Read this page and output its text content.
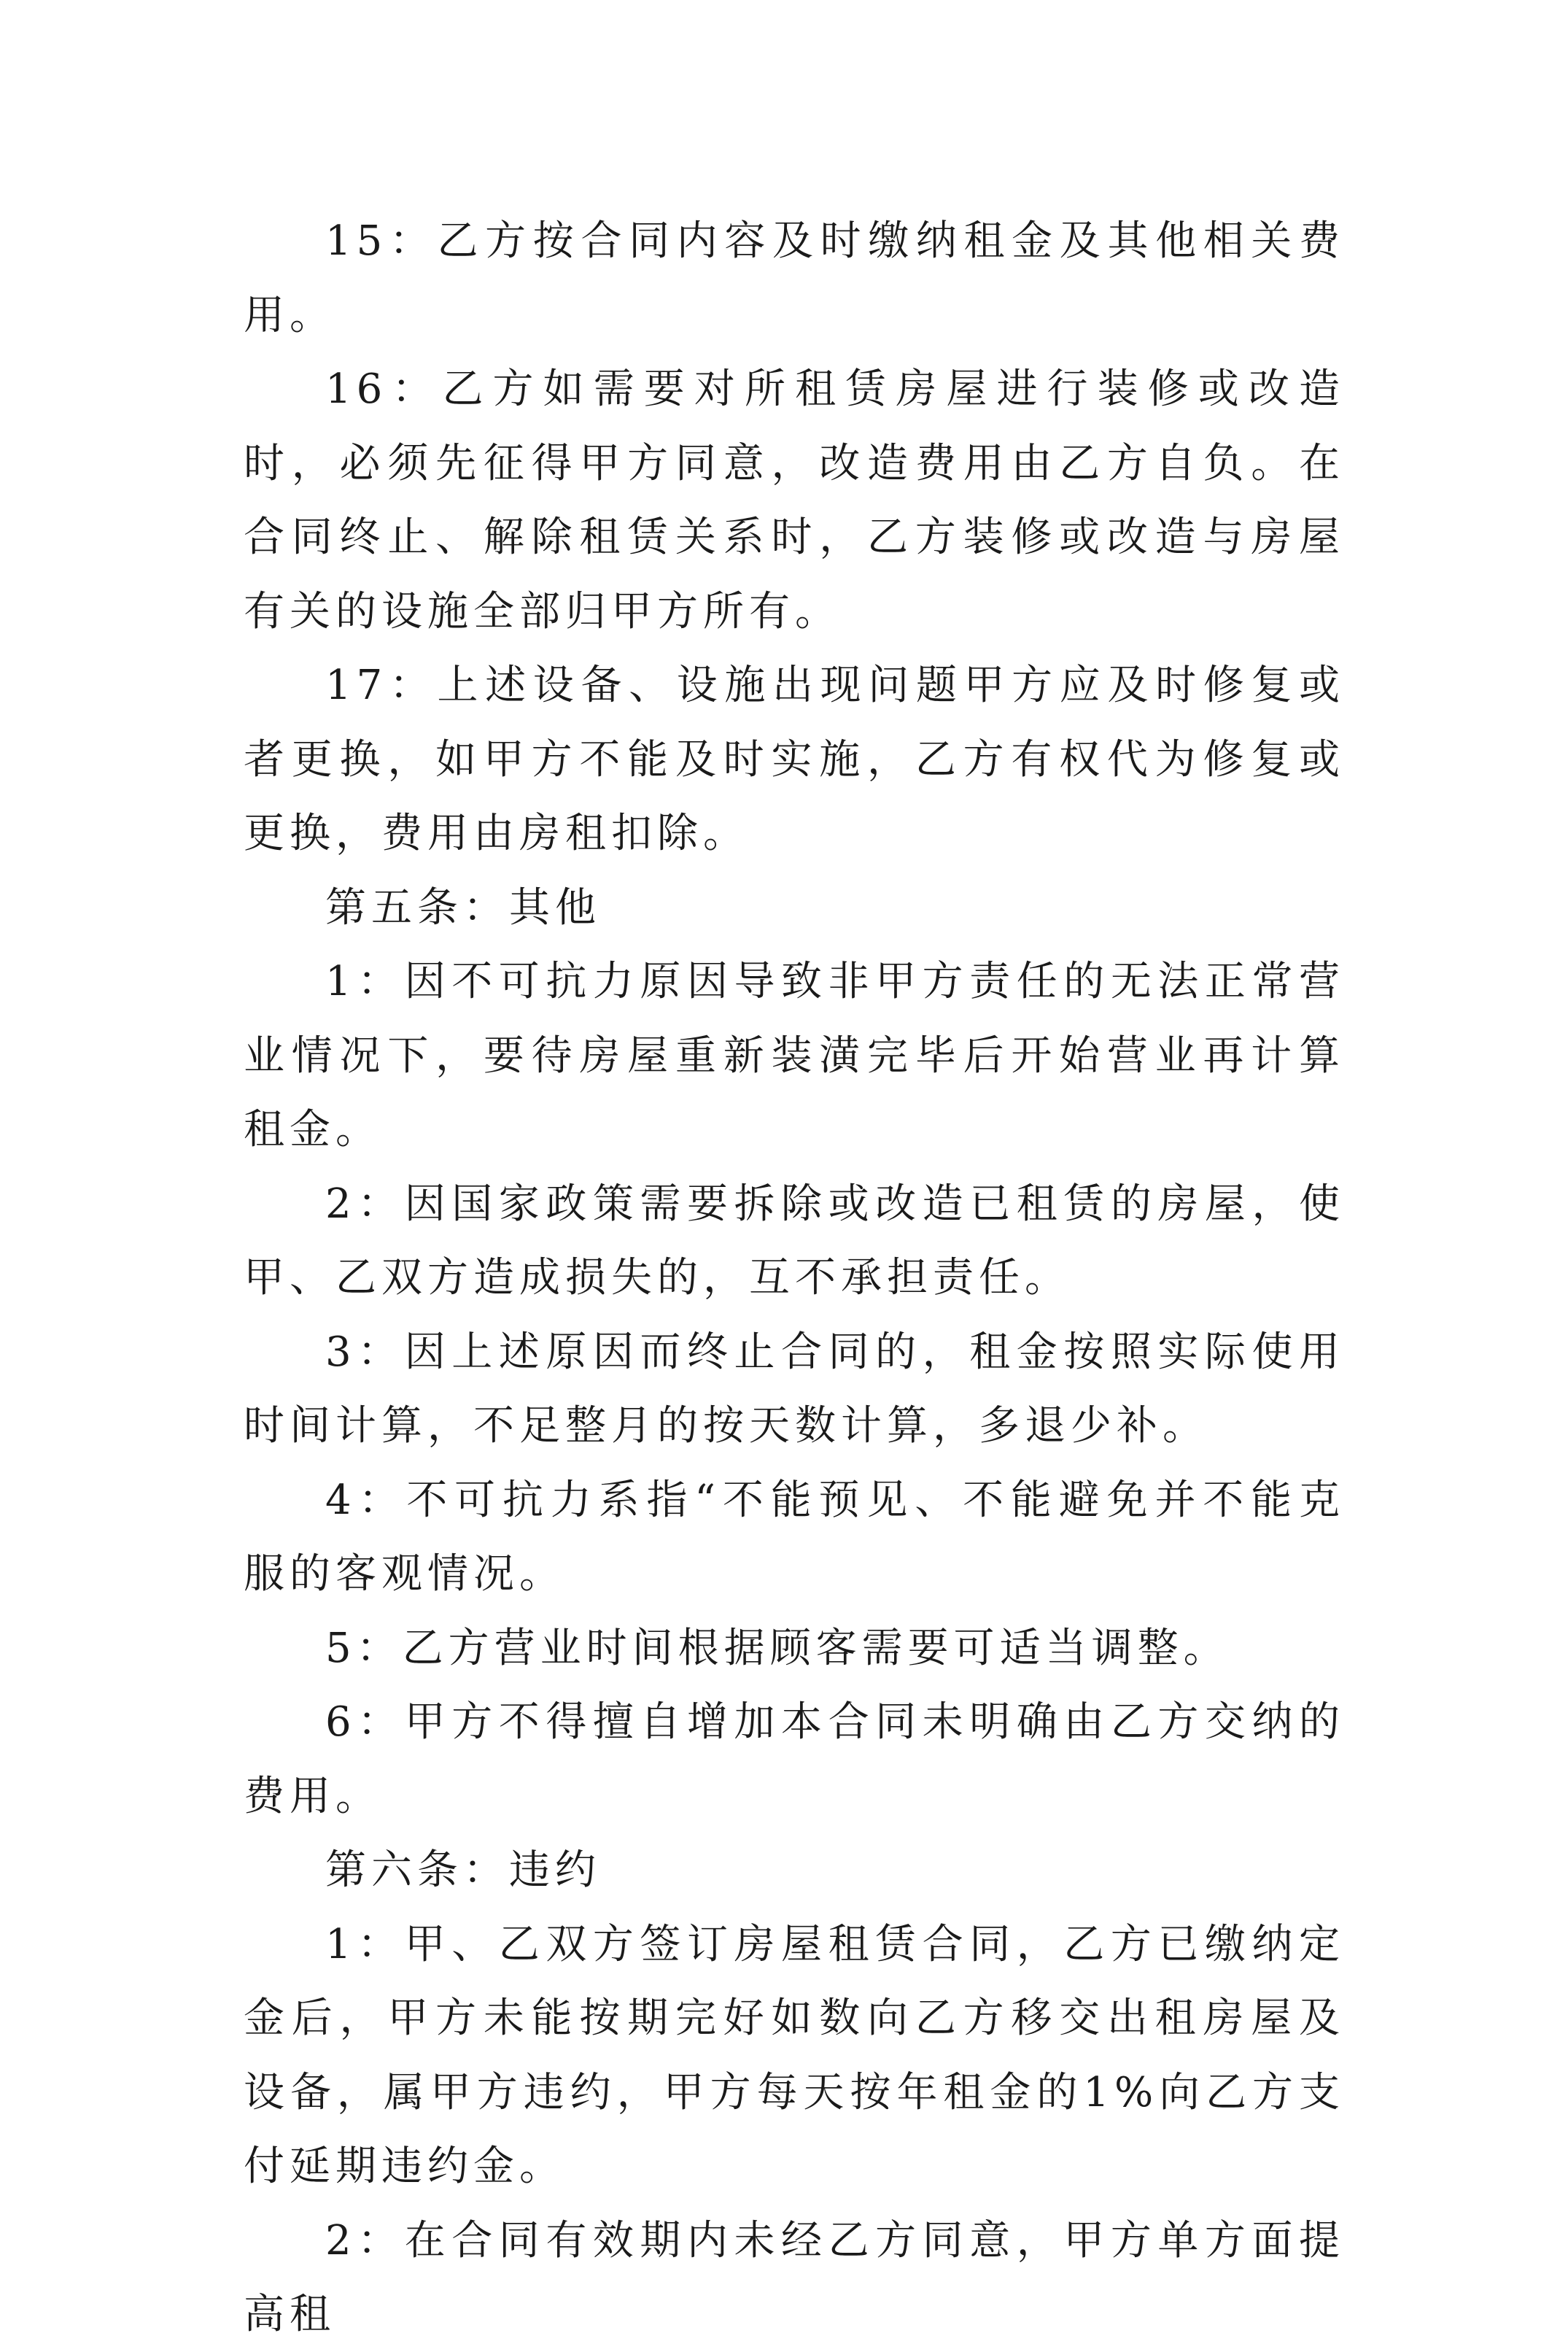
15：乙方按合同内容及时缴纳租金及其他相关费用。

16：乙方如需要对所租赁房屋进行装修或改造时，必须先征得甲方同意，改造费用由乙方自负。在合同终止、解除租赁关系时，乙方装修或改造与房屋有关的设施全部归甲方所有。

17：上述设备、设施出现问题甲方应及时修复或者更换，如甲方不能及时实施，乙方有权代为修复或更换，费用由房租扣除。

第五条：其他

1：因不可抗力原因导致非甲方责任的无法正常营业情况下，要待房屋重新装潢完毕后开始营业再计算租金。

2：因国家政策需要拆除或改造已租赁的房屋，使甲、乙双方造成损失的，互不承担责任。

3：因上述原因而终止合同的，租金按照实际使用时间计算，不足整月的按天数计算，多退少补。

4：不可抗力系指“不能预见、不能避免并不能克服的客观情况。

5：乙方营业时间根据顾客需要可适当调整。

6：甲方不得擅自增加本合同未明确由乙方交纳的费用。

第六条：违约

1：甲、乙双方签订房屋租赁合同，乙方已缴纳定金后，甲方未能按期完好如数向乙方移交出租房屋及设备，属甲方违约，甲方每天按年租金的1%向乙方支付延期违约金。

2：在合同有效期内未经乙方同意，甲方单方面提高租
